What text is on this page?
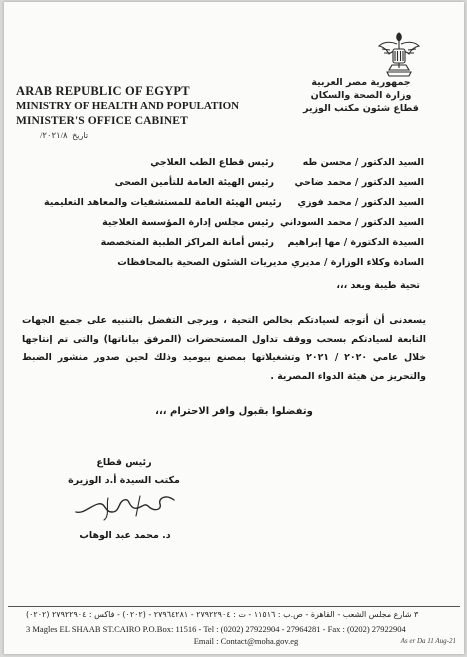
ARAB REPUBLIC OF EGYPT
MINISTRY OF HEALTH AND POPULATION
MINISTER'S OFFICE CABINET
جمهورية مصر العربية
وزارة الصحة والسكان
قطاع شئون مكتب الوزير
تاريخ ٢٠٢١/٨/
السيد الدكتور / محسن طه
رئيس قطاع الطب العلاجي
السيد الدكتور / محمد ضاحي
رئيس الهيئة العامة للتأمين الصحى
السيد الدكتور / محمد فوزي
رئيس الهيئة العامة للمستشفيات والمعاهد التعليمية
السيد الدكتور / محمد السوداني
رئيس مجلس إدارة المؤسسة العلاجية
السيدة الدكتورة / مها إبراهيم
رئيس أمانة المراكز الطبية المتخصصة
السادة وكلاء الوزارة / مديري مديريات الشئون الصحية بالمحافظات
تحية طيبة وبعد ،،،
يسعدنى أن أتوجه لسيادتكم بخالص التحية ، ويرجى التفضل بالتنبيه على جميع الجهات التابعة لسيادتكم بسحب ووقف تداول المستحضرات (المرفق بياناتها) والتى تم إنتاجها خلال عامي ٢٠٢٠ / ٢٠٢١ وتشغيلاتها بمصنع بيوميد وذلك لحين صدور منشور الضبط والتحريز من هيئة الدواء المصرية .
وتفضلوا بقبول وافر الاحترام ،،،
رئيس قطاع
مكتب السيدة أ.د الوزيرة
د. محمد عبد الوهاب
٣ شارع مجلس الشعب - القاهرة - ص.ب : ١١٥١٦ - ت : ٢٧٩٢٢٩٠٤ - ٢٧٩٦٤٢٨١ - (٠٢٠٢) - فاكس : ٢٧٩٢٢٩٠٤ (٠٢٠٢)
3 Magles EL SHAAB ST.CAIRO P.O.Box: 11516 - Tel : (0202) 27922904 - 27964281 - Fax : (0202) 27922904
Email : Contact@moha.gov.eg	As er Da 11 Aug-21
